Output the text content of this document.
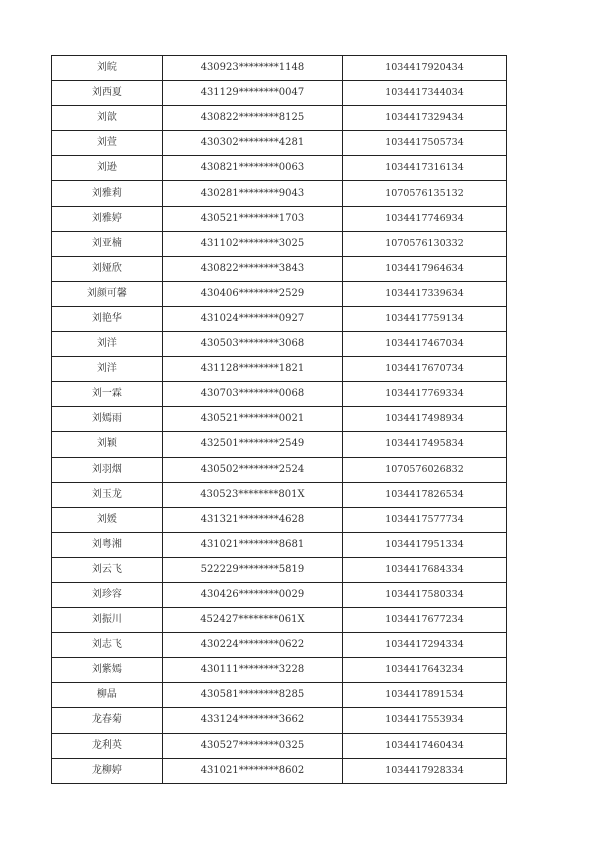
刘皖	430923********1148	1034417920434
刘西夏	431129********0047	1034417344034
刘歆	430822********8125	1034417329434
刘萱	430302********4281	1034417505734
刘逊	430821********0063	1034417316134
刘雅莉	430281********9043	1070576135132
刘雅婷	430521********1703	1034417746934
刘亚楠	431102********3025	1070576130332
刘娅欣	430822********3843	1034417964634
刘颜可馨	430406********2529	1034417339634
刘艳华	431024********0927	1034417759134
刘洋	430503********3068	1034417467034
刘洋	431128********1821	1034417670734
刘一霖	430703********0068	1034417769334
刘嫣雨	430521********0021	1034417498934
刘颖	432501********2549	1034417495834
刘羽烟	430502********2524	1070576026832
刘玉龙	430523********801X	1034417826534
刘媛	431321********4628	1034417577734
刘粤湘	431021********8681	1034417951334
刘云飞	522229********5819	1034417684334
刘珍容	430426********0029	1034417580334
刘振川	452427********061X	1034417677234
刘志飞	430224********0622	1034417294334
刘紫嫣	430111********3228	1034417643234
柳晶	430581********8285	1034417891534
龙春菊	433124********3662	1034417553934
龙利英	430527********0325	1034417460434
龙柳婷	431021********8602	1034417928334
